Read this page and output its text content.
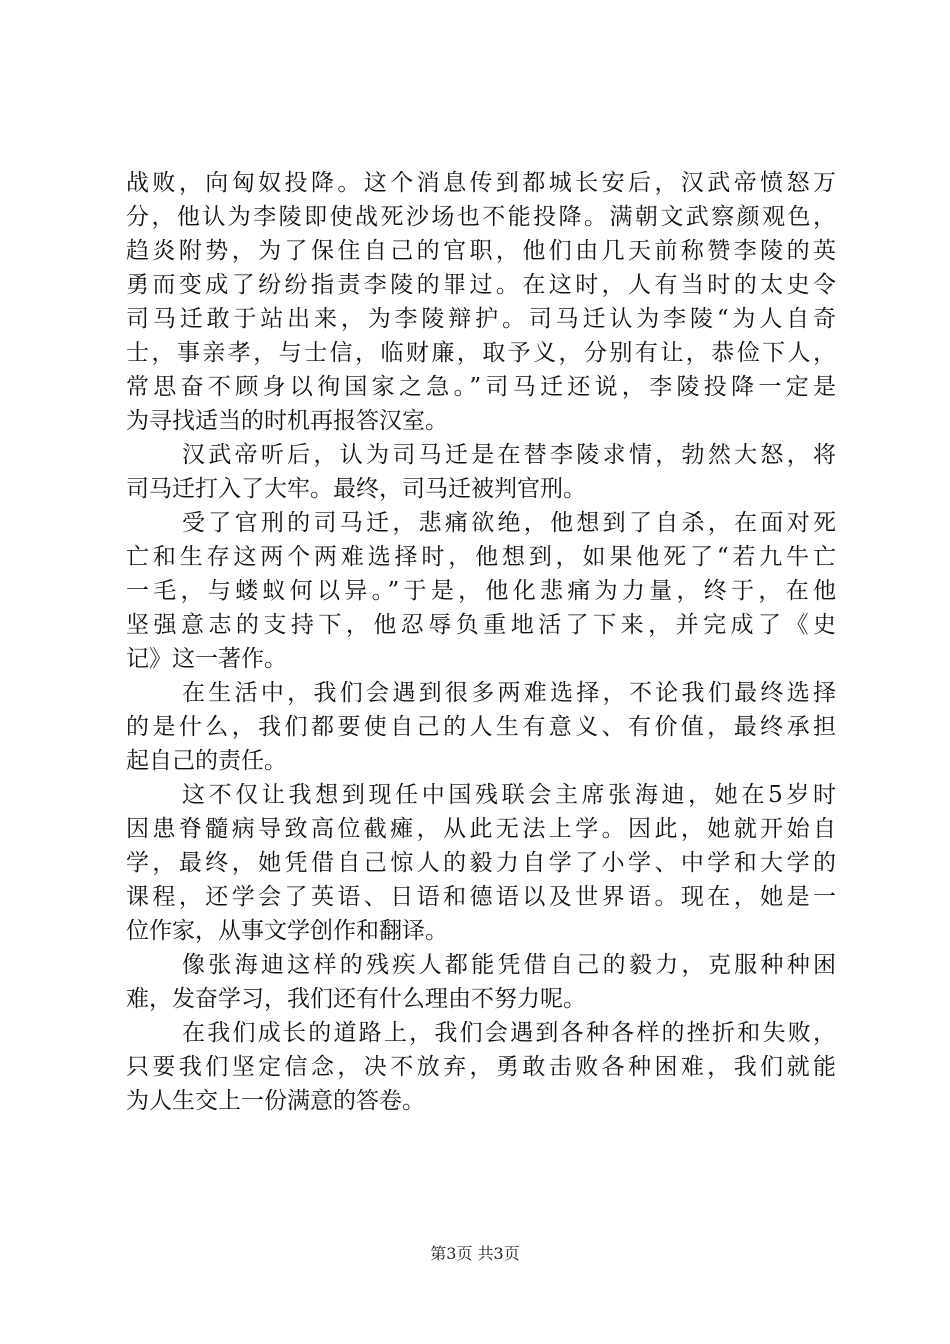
战败，向匈奴投降。这个消息传到都城长安后，汉武帝愤怒万
分，他认为李陵即使战死沙场也不能投降。满朝文武察颜观色，
趋炎附势，为了保住自己的官职，他们由几天前称赞李陵的英
勇而变成了纷纷指责李陵的罪过。在这时，人有当时的太史令
司马迁敢于站出来，为李陵辩护。司马迁认为李陵“为人自奇
士，事亲孝，与士信，临财廉，取予义，分别有让，恭俭下人，
常思奋不顾身以徇国家之急。”司马迁还说，李陵投降一定是
为寻找适当的时机再报答汉室。
汉武帝听后，认为司马迁是在替李陵求情，勃然大怒，将
司马迁打入了大牢。最终，司马迁被判官刑。
受了官刑的司马迁，悲痛欲绝，他想到了自杀，在面对死
亡和生存这两个两难选择时，他想到，如果他死了“若九牛亡
一毛，与蝼蚁何以异。”于是，他化悲痛为力量，终于，在他
坚强意志的支持下，他忍辱负重地活了下来，并完成了《史
记》这一著作。
在生活中，我们会遇到很多两难选择，不论我们最终选择
的是什么，我们都要使自己的人生有意义、有价值，最终承担
起自己的责任。
这不仅让我想到现任中国残联会主席张海迪，她在5岁时
因患脊髓病导致高位截瘫，从此无法上学。因此，她就开始自
学，最终，她凭借自己惊人的毅力自学了小学、中学和大学的
课程，还学会了英语、日语和德语以及世界语。现在，她是一
位作家，从事文学创作和翻译。
像张海迪这样的残疾人都能凭借自己的毅力，克服种种困
难，发奋学习，我们还有什么理由不努力呢。
在我们成长的道路上，我们会遇到各种各样的挫折和失败，
只要我们坚定信念，决不放弃，勇敢击败各种困难，我们就能
为人生交上一份满意的答卷。
第3页 共3页
